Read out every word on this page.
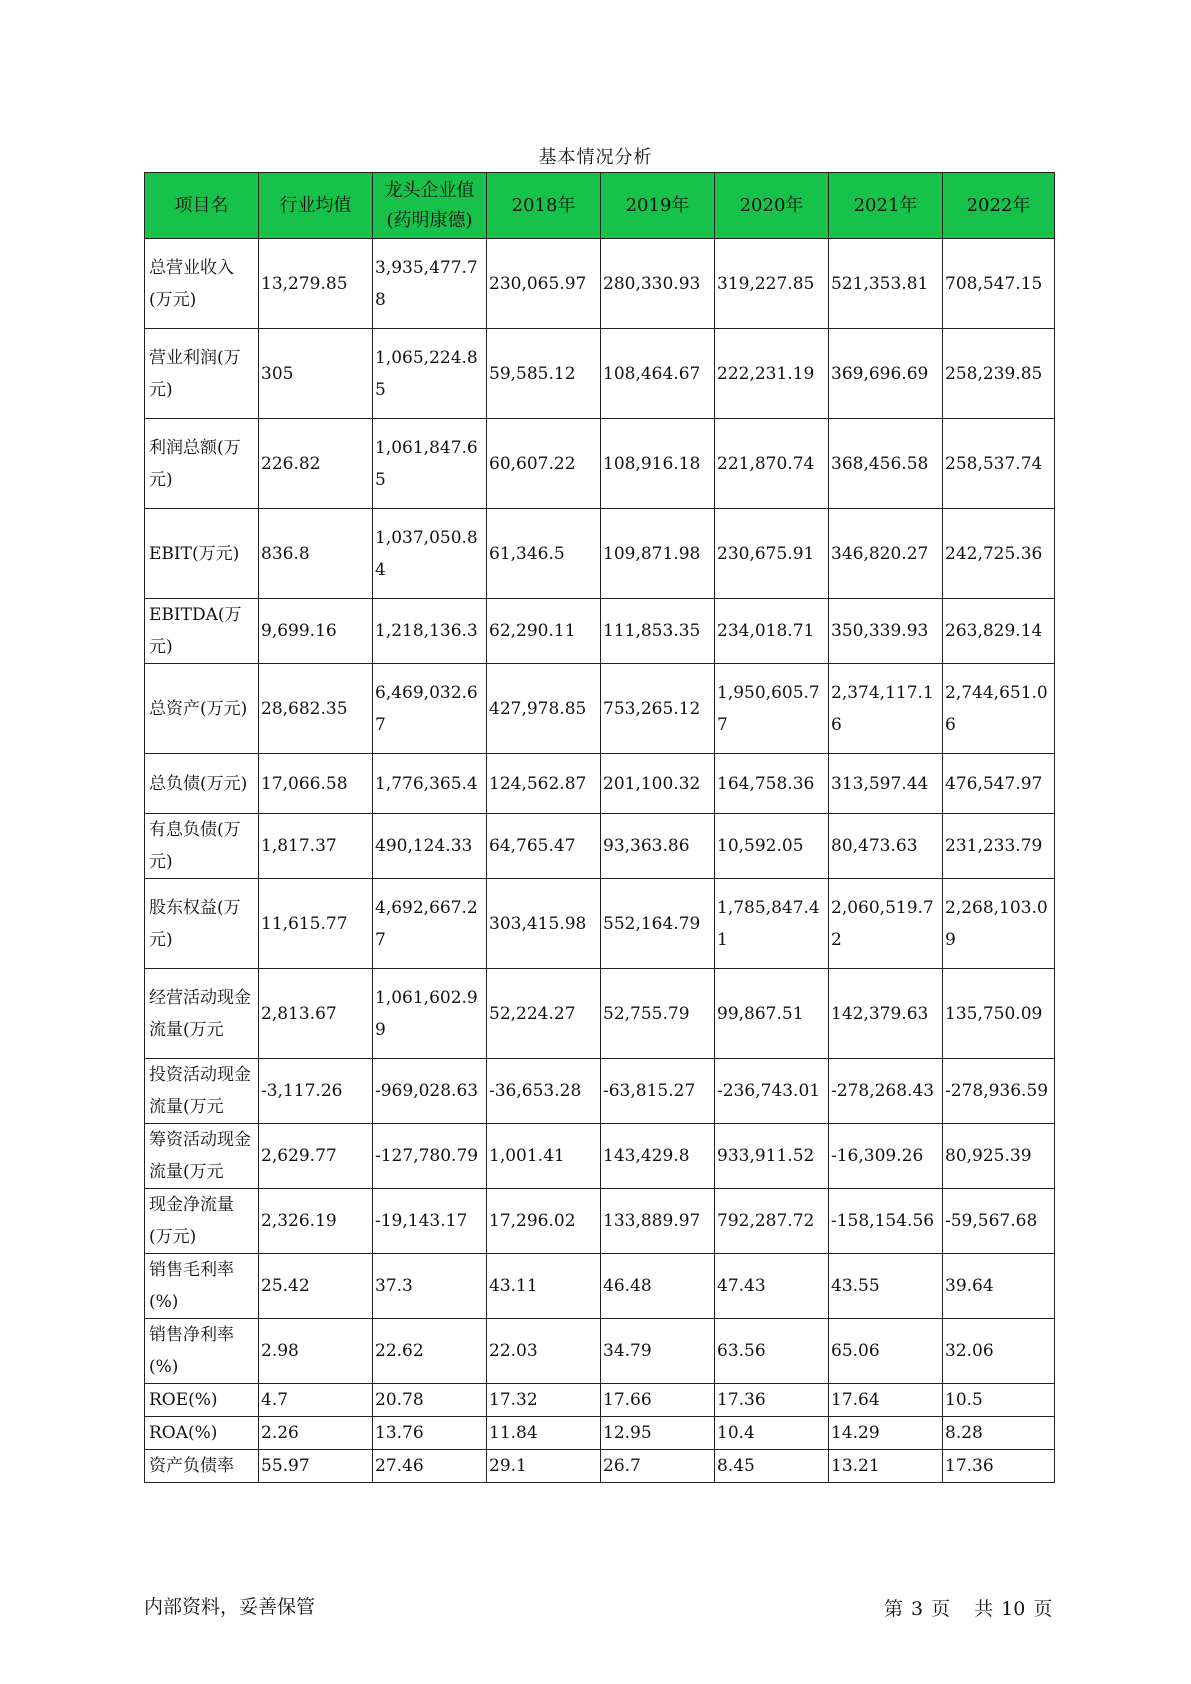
基本情况分析
项目名	行业均值	龙头企业值(药明康德)	2018年	2019年	2020年	2021年	2022年
总营业收入(万元)	13,279.85	3,935,477.78	230,065.97	280,330.93	319,227.85	521,353.81	708,547.15
营业利润(万元)	305	1,065,224.85	59,585.12	108,464.67	222,231.19	369,696.69	258,239.85
利润总额(万元)	226.82	1,061,847.65	60,607.22	108,916.18	221,870.74	368,456.58	258,537.74
EBIT(万元)	836.8	1,037,050.84	61,346.5	109,871.98	230,675.91	346,820.27	242,725.36
EBITDA(万元)	9,699.16	1,218,136.3	62,290.11	111,853.35	234,018.71	350,339.93	263,829.14
总资产(万元)	28,682.35	6,469,032.67	427,978.85	753,265.12	1,950,605.77	2,374,117.16	2,744,651.06
总负债(万元)	17,066.58	1,776,365.4	124,562.87	201,100.32	164,758.36	313,597.44	476,547.97
有息负债(万元)	1,817.37	490,124.33	64,765.47	93,363.86	10,592.05	80,473.63	231,233.79
股东权益(万元)	11,615.77	4,692,667.27	303,415.98	552,164.79	1,785,847.41	2,060,519.72	2,268,103.09
经营活动现金流量(万元	2,813.67	1,061,602.99	52,224.27	52,755.79	99,867.51	142,379.63	135,750.09
投资活动现金流量(万元	-3,117.26	-969,028.63	-36,653.28	-63,815.27	-236,743.01	-278,268.43	-278,936.59
筹资活动现金流量(万元	2,629.77	-127,780.79	1,001.41	143,429.8	933,911.52	-16,309.26	80,925.39
现金净流量(万元)	2,326.19	-19,143.17	17,296.02	133,889.97	792,287.72	-158,154.56	-59,567.68
销售毛利率(%)	25.42	37.3	43.11	46.48	47.43	43.55	39.64
销售净利率(%)	2.98	22.62	22.03	34.79	63.56	65.06	32.06
ROE(%)	4.7	20.78	17.32	17.66	17.36	17.64	10.5
ROA(%)	2.26	13.76	11.84	12.95	10.4	14.29	8.28
资产负债率	55.97	27.46	29.1	26.7	8.45	13.21	17.36
内部资料，妥善保管	第 3 页 共 10 页
